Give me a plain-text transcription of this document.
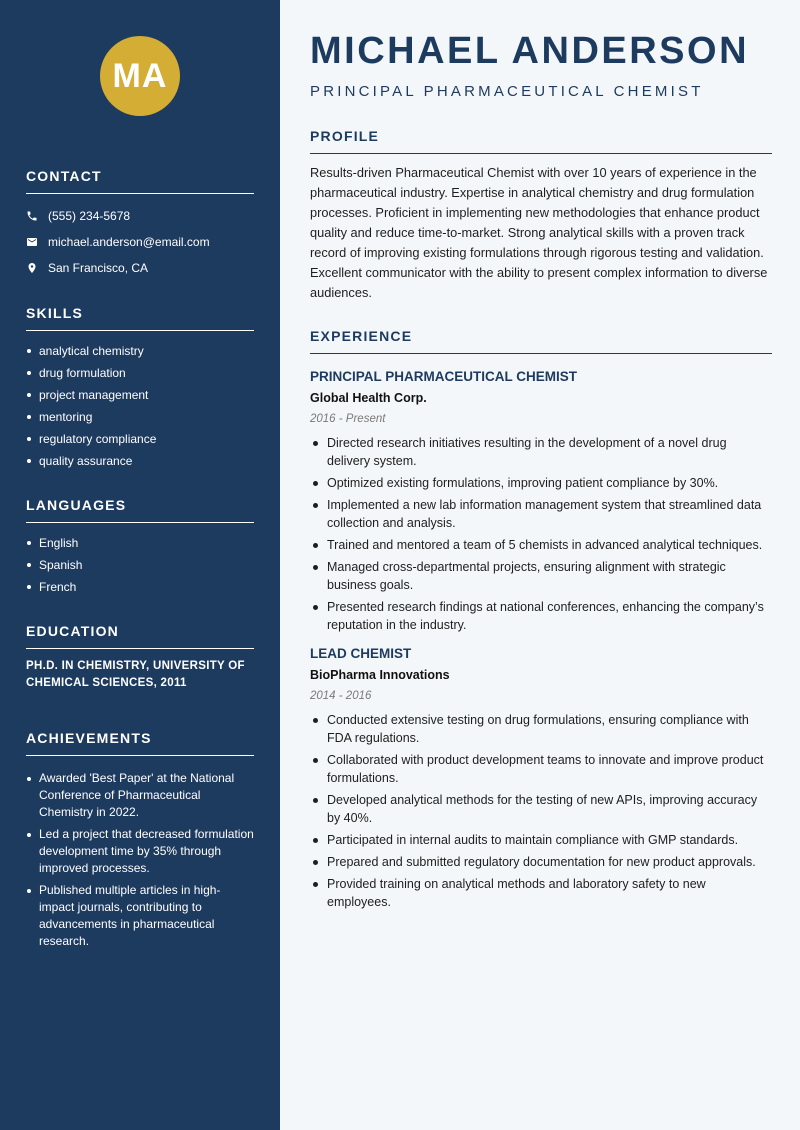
MA
CONTACT
(555) 234-5678
michael.anderson@email.com
San Francisco, CA
SKILLS
analytical chemistry
drug formulation
project management
mentoring
regulatory compliance
quality assurance
LANGUAGES
English
Spanish
French
EDUCATION
PH.D. IN CHEMISTRY, UNIVERSITY OF CHEMICAL SCIENCES, 2011
ACHIEVEMENTS
Awarded 'Best Paper' at the National Conference of Pharmaceutical Chemistry in 2022.
Led a project that decreased formulation development time by 35% through improved processes.
Published multiple articles in high-impact journals, contributing to advancements in pharmaceutical research.
MICHAEL ANDERSON
PRINCIPAL PHARMACEUTICAL CHEMIST
PROFILE

Results-driven Pharmaceutical Chemist with over 10 years of experience in the pharmaceutical industry. Expertise in analytical chemistry and drug formulation processes. Proficient in implementing new methodologies that enhance product quality and reduce time-to-market. Strong analytical skills with a proven track record of improving existing formulations through rigorous testing and validation. Excellent communicator with the ability to present complex information to diverse audiences.

EXPERIENCE
PRINCIPAL PHARMACEUTICAL CHEMIST
Global Health Corp.
2016 - Present
Directed research initiatives resulting in the development of a novel drug delivery system.
Optimized existing formulations, improving patient compliance by 30%.
Implemented a new lab information management system that streamlined data collection and analysis.
Trained and mentored a team of 5 chemists in advanced analytical techniques.
Managed cross-departmental projects, ensuring alignment with strategic business goals.
Presented research findings at national conferences, enhancing the company’s reputation in the industry.
LEAD CHEMIST
BioPharma Innovations
2014 - 2016
Conducted extensive testing on drug formulations, ensuring compliance with FDA regulations.
Collaborated with product development teams to innovate and improve product formulations.
Developed analytical methods for the testing of new APIs, improving accuracy by 40%.
Participated in internal audits to maintain compliance with GMP standards.
Prepared and submitted regulatory documentation for new product approvals.
Provided training on analytical methods and laboratory safety to new employees.
